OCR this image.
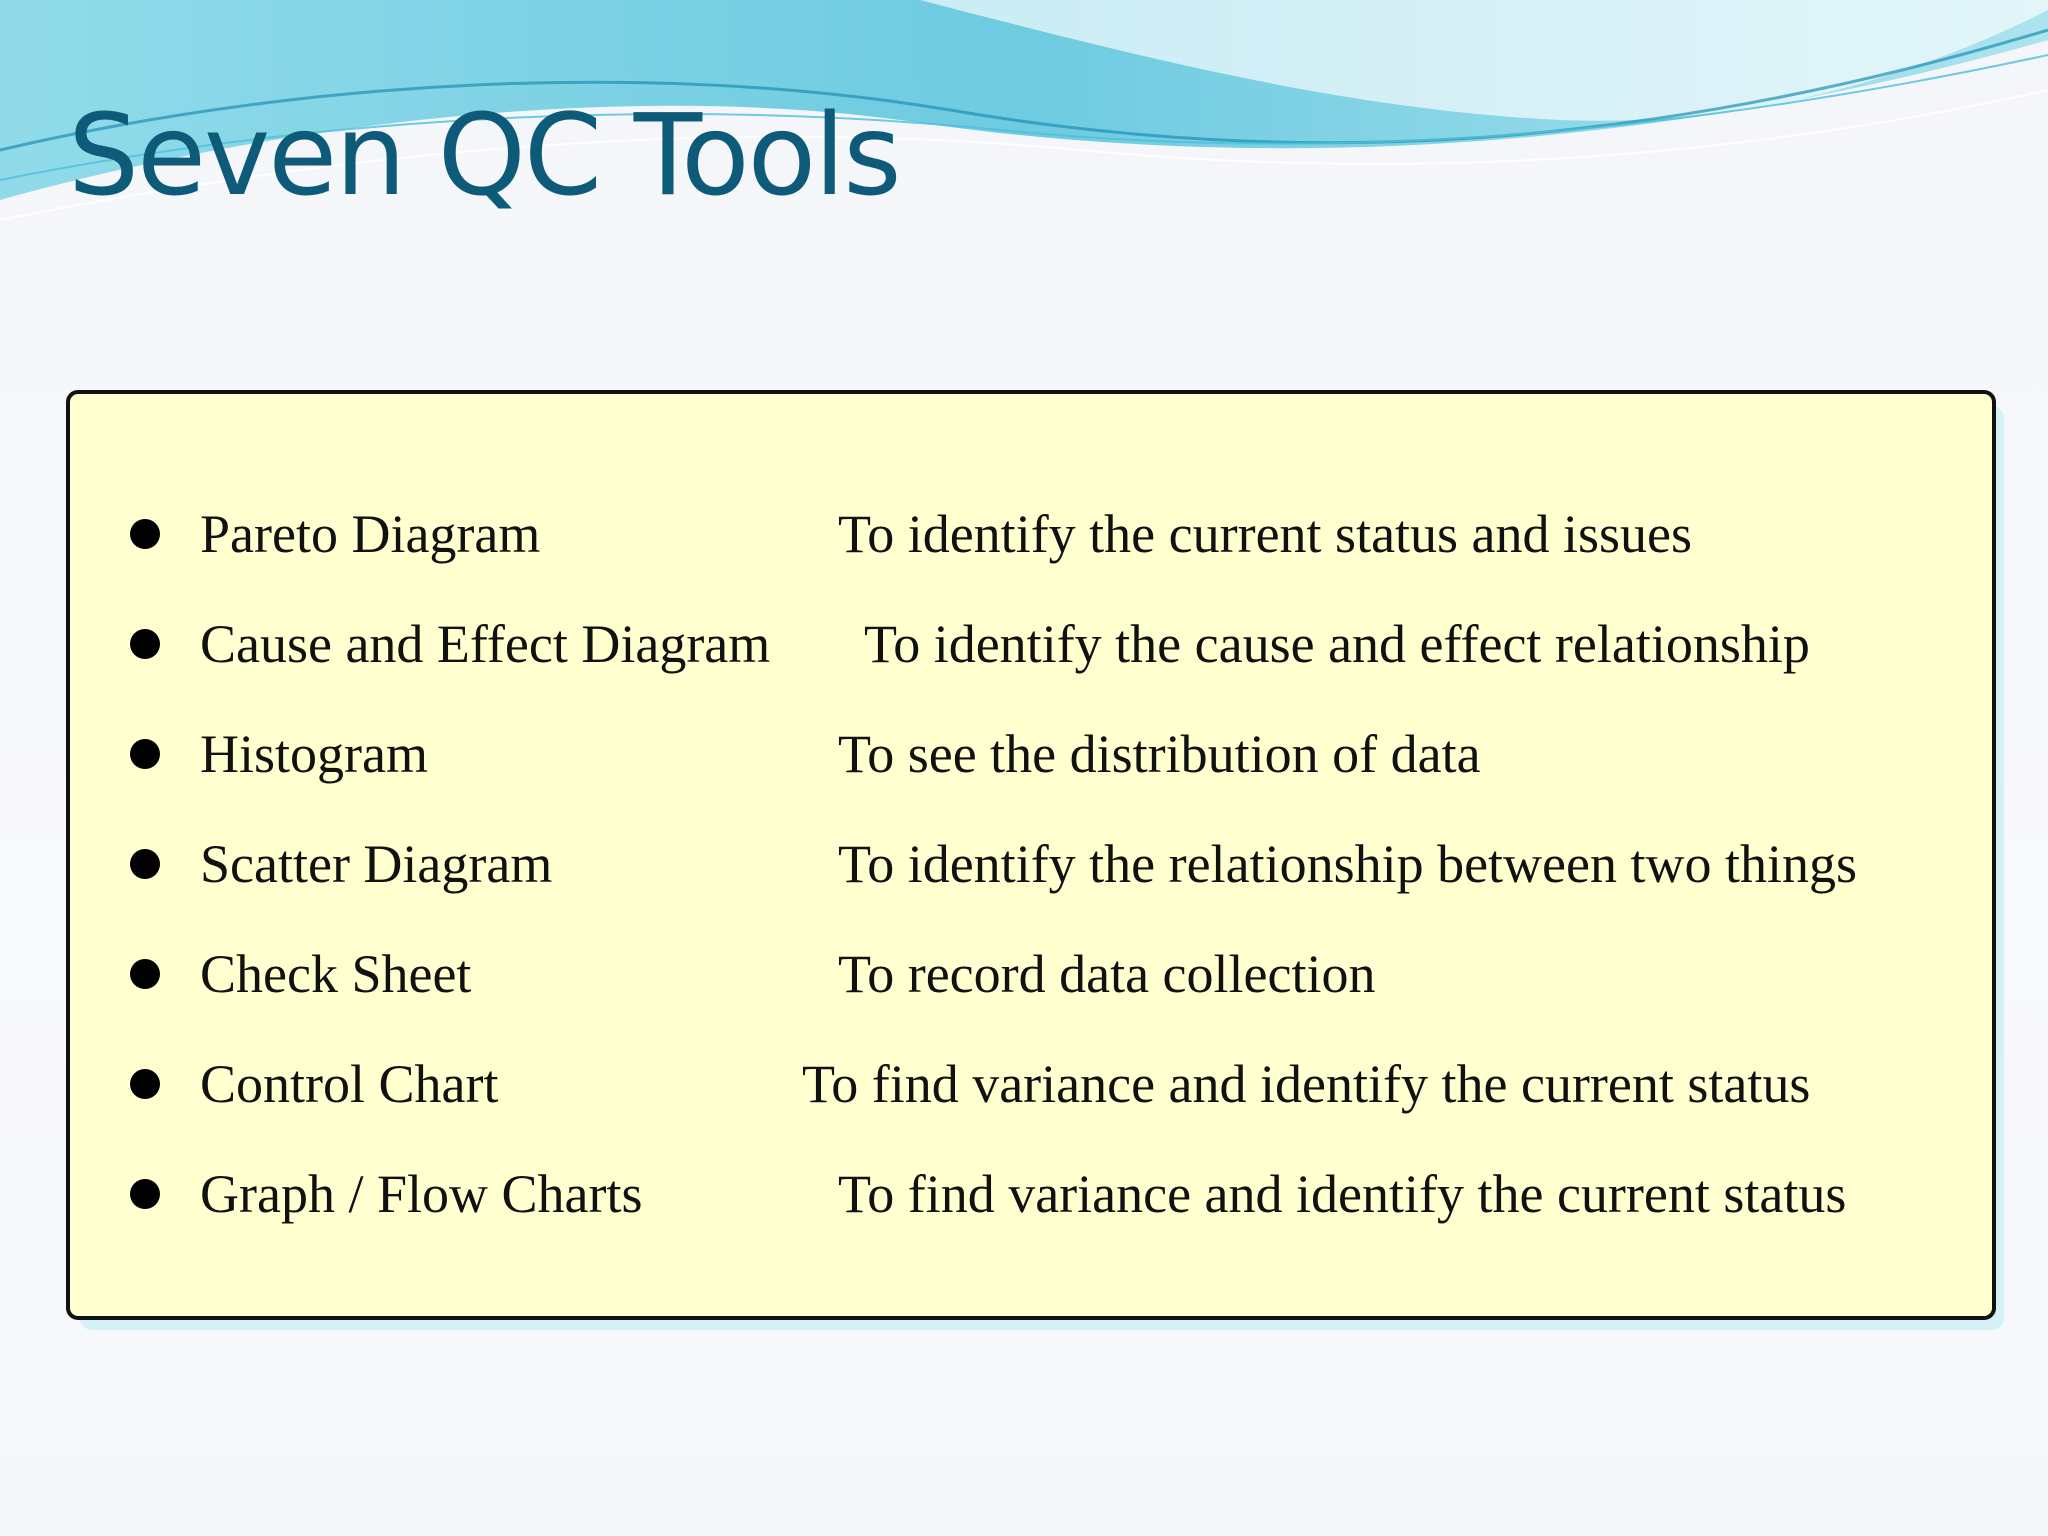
Seven QC Tools
Pareto Diagram	To identify the current status and issues
Cause and Effect Diagram To identify the cause and effect relationship
Histogram	To see the distribution of data
Scatter Diagram	To identify the relationship between two things
Check Sheet	To record data collection
Control Chart	To find variance and identify the current status
Graph / Flow Charts	To find variance and identify the current status
